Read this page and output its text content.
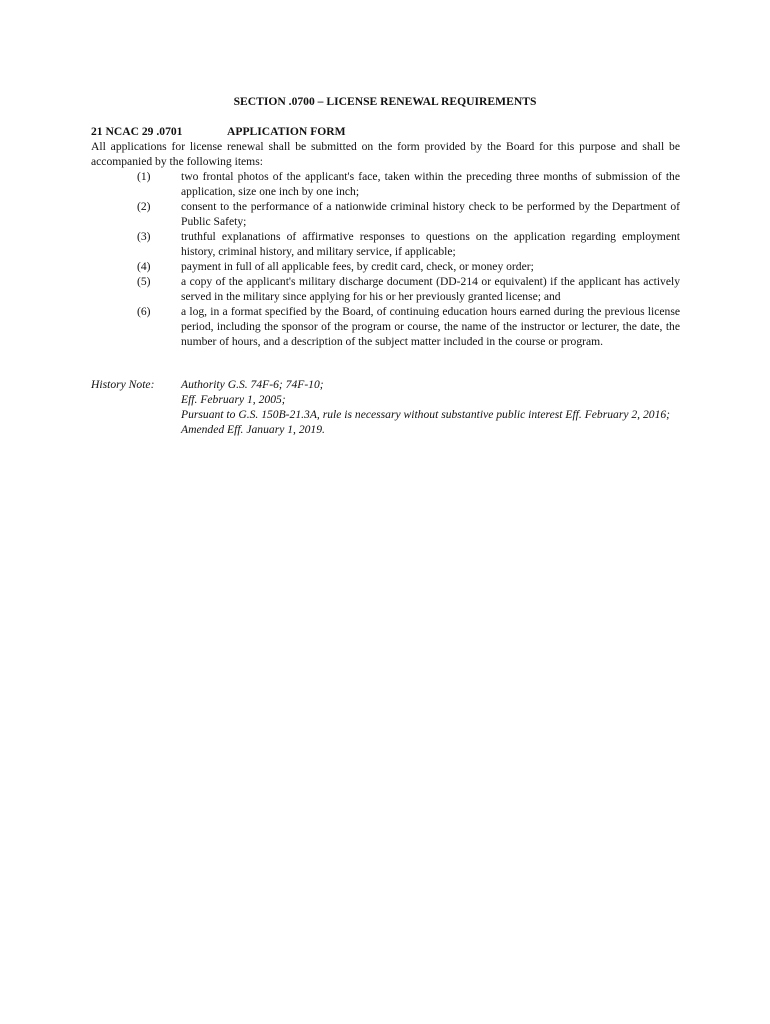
SECTION .0700 – LICENSE RENEWAL REQUIREMENTS
21 NCAC 29 .0701	APPLICATION FORM
All applications for license renewal shall be submitted on the form provided by the Board for this purpose and shall be accompanied by the following items:
(1)	two frontal photos of the applicant's face, taken within the preceding three months of submission of the application, size one inch by one inch;
(2)	consent to the performance of a nationwide criminal history check to be performed by the Department of Public Safety;
(3)	truthful explanations of affirmative responses to questions on the application regarding employment history, criminal history, and military service, if applicable;
(4)	payment in full of all applicable fees, by credit card, check, or money order;
(5)	a copy of the applicant's military discharge document (DD-214 or equivalent) if the applicant has actively served in the military since applying for his or her previously granted license; and
(6)	a log, in a format specified by the Board, of continuing education hours earned during the previous license period, including the sponsor of the program or course, the name of the instructor or lecturer, the date, the number of hours, and a description of the subject matter included in the course or program.
History Note:	Authority G.S. 74F-6; 74F-10;
Eff. February 1, 2005;
Pursuant to G.S. 150B-21.3A, rule is necessary without substantive public interest Eff. February 2, 2016;
Amended Eff. January 1, 2019.
